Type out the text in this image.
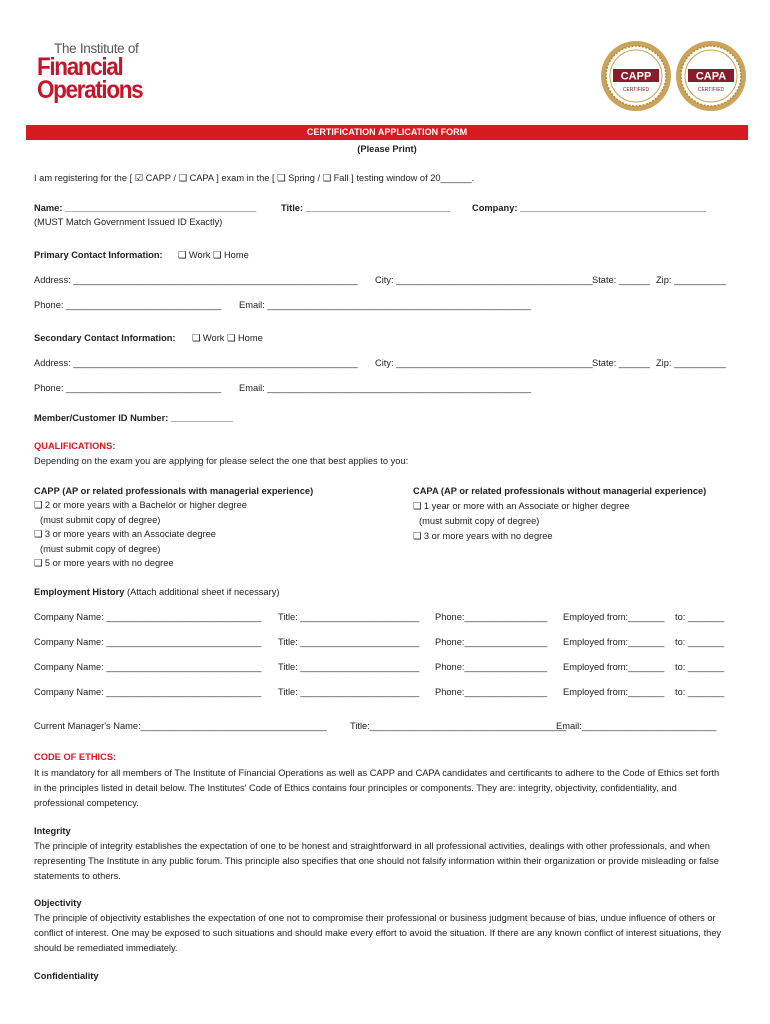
The Institute of
Financial
Operations	CAPP
CERTIFIED
CAPA
CERTIFIED
CERTIFICATION APPLICATION FORM
(Please Print)
I am registering for the [ ☑ CAPP / ❑ CAPA ] exam in the [ ❑ Spring / ❑ Fall ] testing window of 20______.
Name: _____________________________________	Title: ____________________________ Company: ____________________________________
(MUST Match Government Issued ID Exactly)
Primary Contact Information: ❑ Work ❑ Home
Address: _______________________________________________________ City: ______________________________________ State: ______ Zip: __________
Phone: ______________________________ Email: ___________________________________________________
Secondary Contact Information: ❑ Work ❑ Home
Address: _______________________________________________________ City: ______________________________________ State: ______ Zip: __________
Phone: ______________________________ Email: ___________________________________________________
Member/Customer ID Number: ____________
QUALIFICATIONS:
Depending on the exam you are applying for please select the one that best applies to you:
CAPP (AP or related professionals with managerial experience)
❑ 2 or more years with a Bachelor or higher degree
(must submit copy of degree)
❑ 3 or more years with an Associate degree
(must submit copy of degree)
❑ 5 or more years with no degree
CAPA (AP or related professionals without managerial experience)
❑ 1 year or more with an Associate or higher degree
(must submit copy of degree)
❑ 3 or more years with no degree
Employment History (Attach additional sheet if necessary)
Company Name: ______________________________ Title: _______________________ Phone:________________ Employed from:_______ to: _______
Company Name: ______________________________ Title: _______________________ Phone:________________ Employed from:_______ to: _______
Company Name: ______________________________ Title: _______________________ Phone:________________ Employed from:_______ to: _______
Company Name: ______________________________ Title: _______________________ Phone:________________ Employed from:_______ to: _______
Current Manager's Name:____________________________________ Title:______________________________________
Email:__________________________
CODE OF ETHICS:
It is mandatory for all members of The Institute of Financial Operations as well as CAPP and CAPA candidates and certificants to adhere to the Code of Ethics set forth in the principles listed in detail below. The Institutes' Code of Ethics contains four principles or components. They are: integrity, objectivity, confidentiality, and professional competency.
Integrity
The principle of integrity establishes the expectation of one to be honest and straightforward in all professional activities, dealings with other professionals, and when representing The Institute in any public forum. This principle also specifies that one should not falsify information within their organization or provide misleading or false statements to others.
Objectivity
The principle of objectivity establishes the expectation of one not to compromise their professional or business judgment because of bias, undue influence of others or conflict of interest. One may be exposed to such situations and should make every effort to avoid the situation. If there are any known conflict of interest situations, they should be remediated immediately.
Confidentiality
